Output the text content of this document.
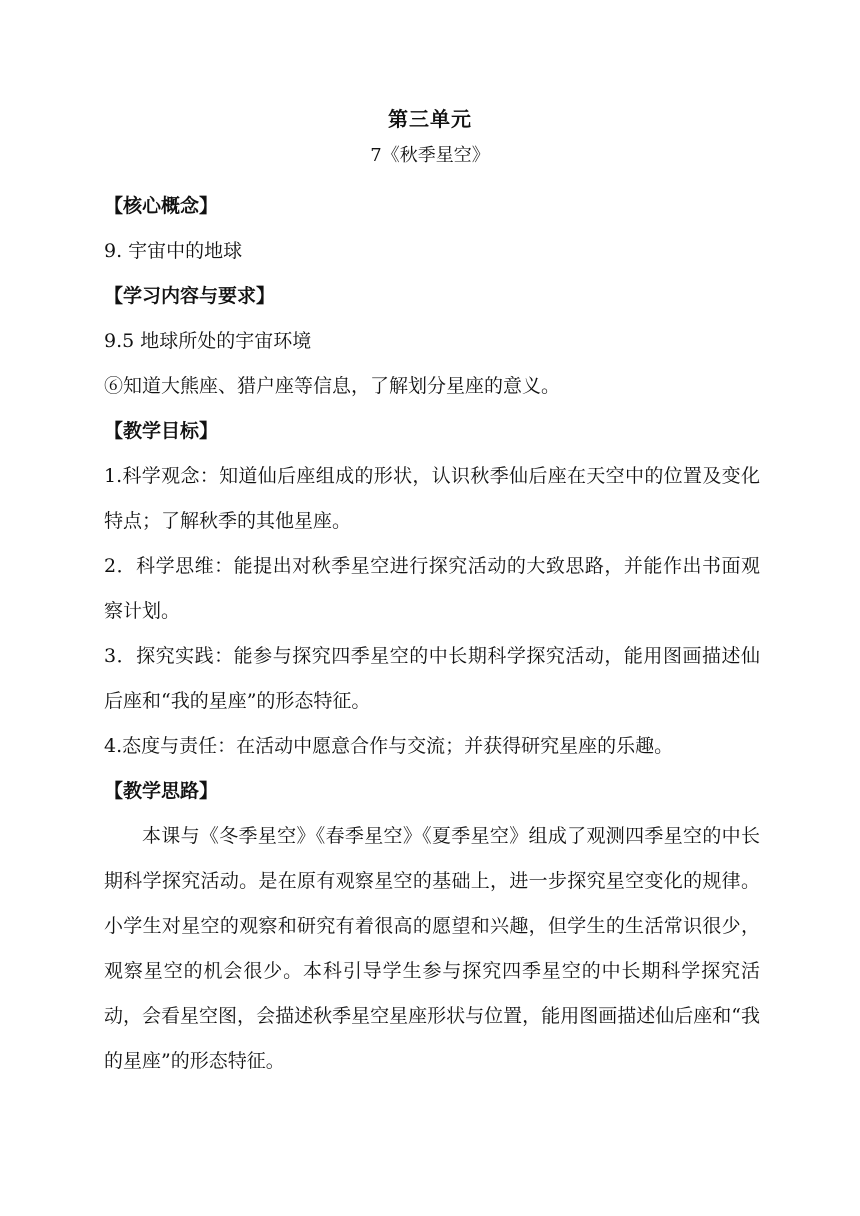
第三单元
7《秋季星空》
【核心概念】
9. 宇宙中的地球
【学习内容与要求】
9.5 地球所处的宇宙环境
⑥知道大熊座、猎户座等信息，了解划分星座的意义。
【教学目标】

1.科学观念：知道仙后座组成的形状，认识秋季仙后座在天空中的位置及变化特点；了解秋季的其他星座。

2．科学思维：能提出对秋季星空进行探究活动的大致思路，并能作出书面观察计划。

3．探究实践：能参与探究四季星空的中长期科学探究活动，能用图画描述仙后座和“我的星座”的形态特征。

4.态度与责任：在活动中愿意合作与交流；并获得研究星座的乐趣。
【教学思路】

本课与《冬季星空》《春季星空》《夏季星空》组成了观测四季星空的中长期科学探究活动。是在原有观察星空的基础上，进一步探究星空变化的规律。小学生对星空的观察和研究有着很高的愿望和兴趣，但学生的生活常识很少，观察星空的机会很少。本科引导学生参与探究四季星空的中长期科学探究活动，会看星空图，会描述秋季星空星座形状与位置，能用图画描述仙后座和“我的星座”的形态特征。
